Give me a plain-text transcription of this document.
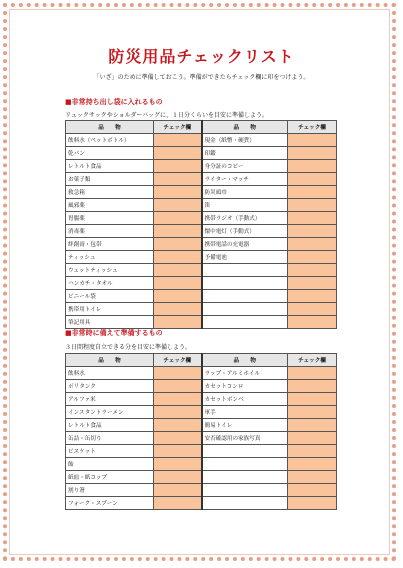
防災用品チェックリスト
「いざ」のために準備しておこう。準備ができたらチェック欄に印をつけよう。
■非常持ち出し袋に入れるもの
リュックサックやショルダーバッグに、１日分くらいを目安に準備しよう。
品　　物	チェック欄	品　　物	チェック欄
飲料水（ペットボトル）		現金（紙幣・硬貨）	
乾パン		印鑑	
レトルト食品		身分証のコピー	
お菓子類		ライター・マッチ	
救急箱		防災頭巾	
風邪薬		笛	
胃腸薬		携帯ラジオ（手動式）	
消毒薬		懐中電灯（手動式）	
絆創膏・包帯		携帯電話の充電器	
ティッシュ		予備電池	
ウェットティッシュ			
ハンカチ・タオル			
ビニール袋			
携帯用トイレ			
筆記用具			
■非常時に備えて準備するもの
３日間程度自立できる分を目安に準備しよう。
品　　物	チェック欄	品　　物	チェック欄
飲料水		ラップ・アルミホイル	
ポリタンク		カセットコンロ	
アルファ米		カセットボンベ	
インスタントラーメン		軍手	
レトルト食品		簡易トイレ	
缶詰・缶切り		安否確認用の家族写真	
ビスケット			
飴			
紙皿・紙コップ			
割り箸			
フォーク・スプーン			
